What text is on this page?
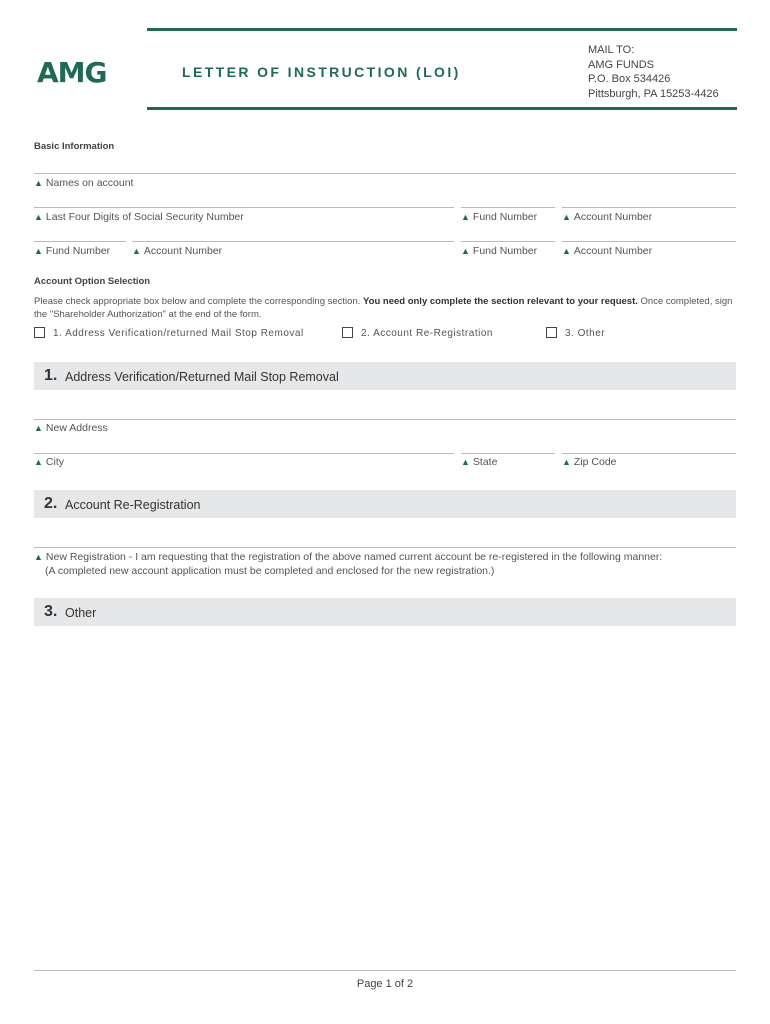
AMG	LETTER OF INSTRUCTION (LOI)
MAIL TO:
AMG FUNDS
P.O. Box 534426
Pittsburgh, PA 15253-4426
Basic Information
▲ Names on account
▲ Last Four Digits of Social Security Number	▲ Fund Number	▲ Account Number
▲ Fund Number ▲ Account Number	▲ Fund Number	▲ Account Number
Account Option Selection
Please check appropriate box below and complete the corresponding section. You need only complete the section relevant to your request. Once completed, sign the "Shareholder Authorization" at the end of the form.
1. Address Verification/returned Mail Stop Removal	2. Account Re-Registration	3. Other
1. Address Verification/Returned Mail Stop Removal
▲ New Address
▲ City	▲ State	▲ Zip Code
2. Account Re-Registration
▲ New Registration - I am requesting that the registration of the above named current account be re-registered in the following manner:
(A completed new account application must be completed and enclosed for the new registration.)
3. Other
Page 1 of 2
